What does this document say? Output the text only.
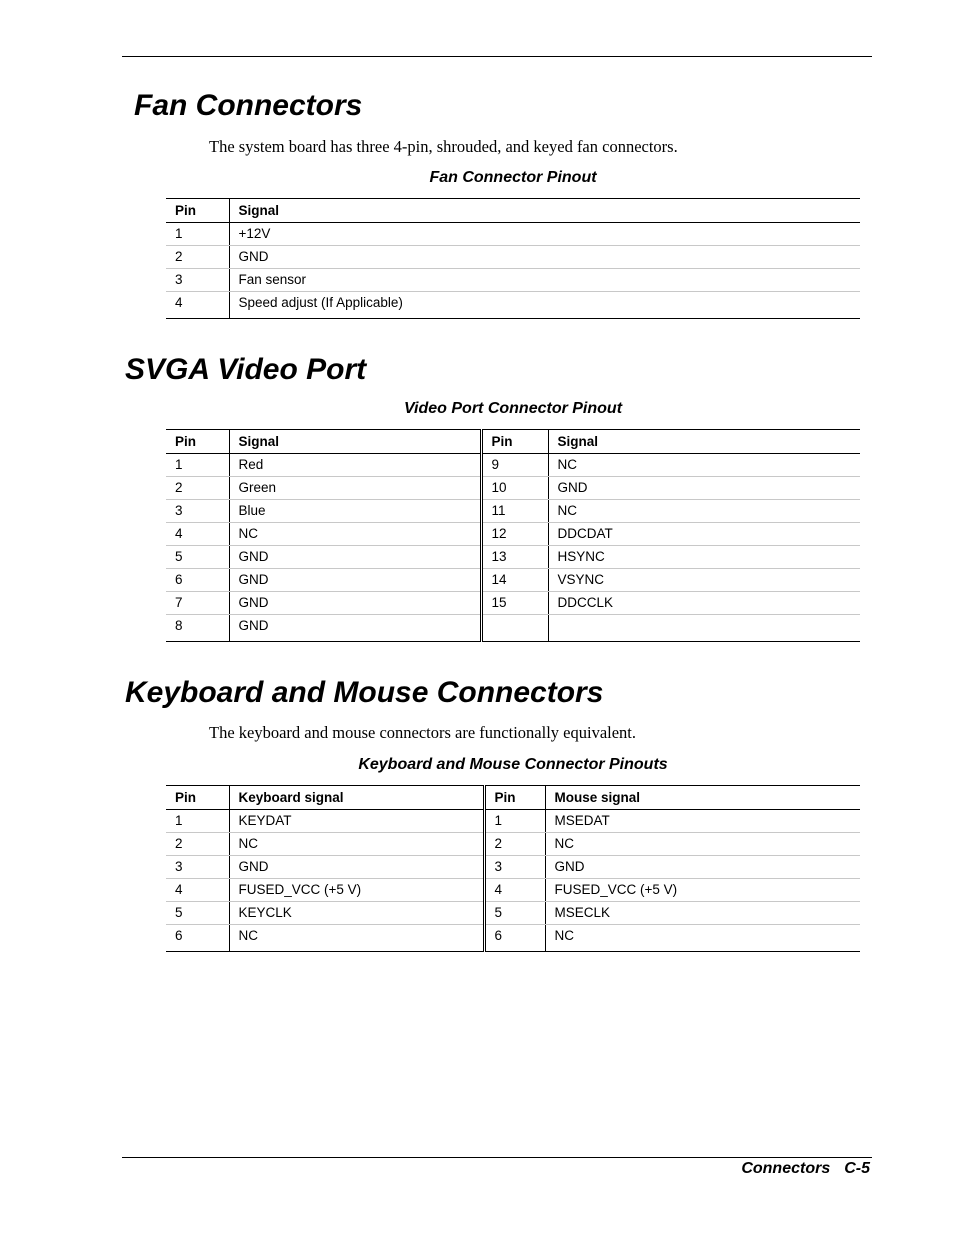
Fan Connectors

The system board has three 4-pin, shrouded, and keyed fan connectors.

Fan Connector Pinout

Pin	Signal
1	+12V
2	GND
3	Fan sensor
4	Speed adjust (If Applicable)
SVGA Video Port

Video Port Connector Pinout

Pin	Signal	Pin	Signal
1	Red	9	NC
2	Green	10	GND
3	Blue	11	NC
4	NC	12	DDCDAT
5	GND	13	HSYNC
6	GND	14	VSYNC
7	GND	15	DDCCLK
8	GND		
Keyboard and Mouse Connectors

The keyboard and mouse connectors are functionally equivalent.

Keyboard and Mouse Connector Pinouts

Pin	Keyboard signal	Pin	Mouse signal
1	KEYDAT	1	MSEDAT
2	NC	2	NC
3	GND	3	GND
4	FUSED_VCC (+5 V)	4	FUSED_VCC (+5 V)
5	KEYCLK	5	MSECLK
6	NC	6	NC

Connectors C-5
